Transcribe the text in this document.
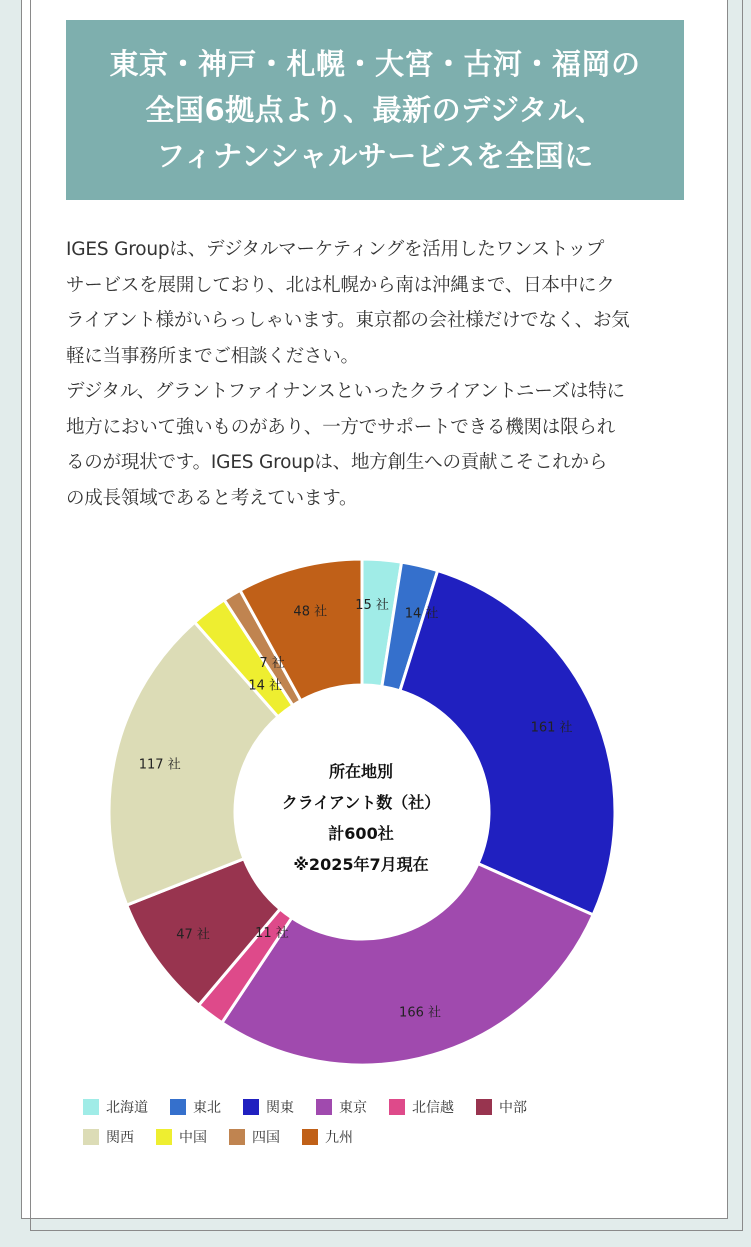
東京・神戸・札幌・大宮・古河・福岡の
全国6拠点より、最新のデジタル、
フィナンシャルサービスを全国に

IGES Groupは、デジタルマーケティングを活用したワンストップ

サービスを展開しており、北は札幌から南は沖縄まで、日本中にク

ライアント様がいらっしゃいます。東京都の会社様だけでなく、お気

軽に当事務所までご相談ください。

デジタル、グラントファイナンスといったクライアントニーズは特に

地方において強いものがあり、一方でサポートできる機関は限られ

るのが現状です。IGES Groupは、地方創生への貢献こそこれから

の成長領域であると考えています。

15 社
14 社
161 社
166 社
11 社
47 社
117 社
14 社
7 社
48 社
所在地別
クライアント数（社）
計600社
※2025年7月現在
北海道	東北	関東	東京	北信越	中部
関西	中国	四国	九州
